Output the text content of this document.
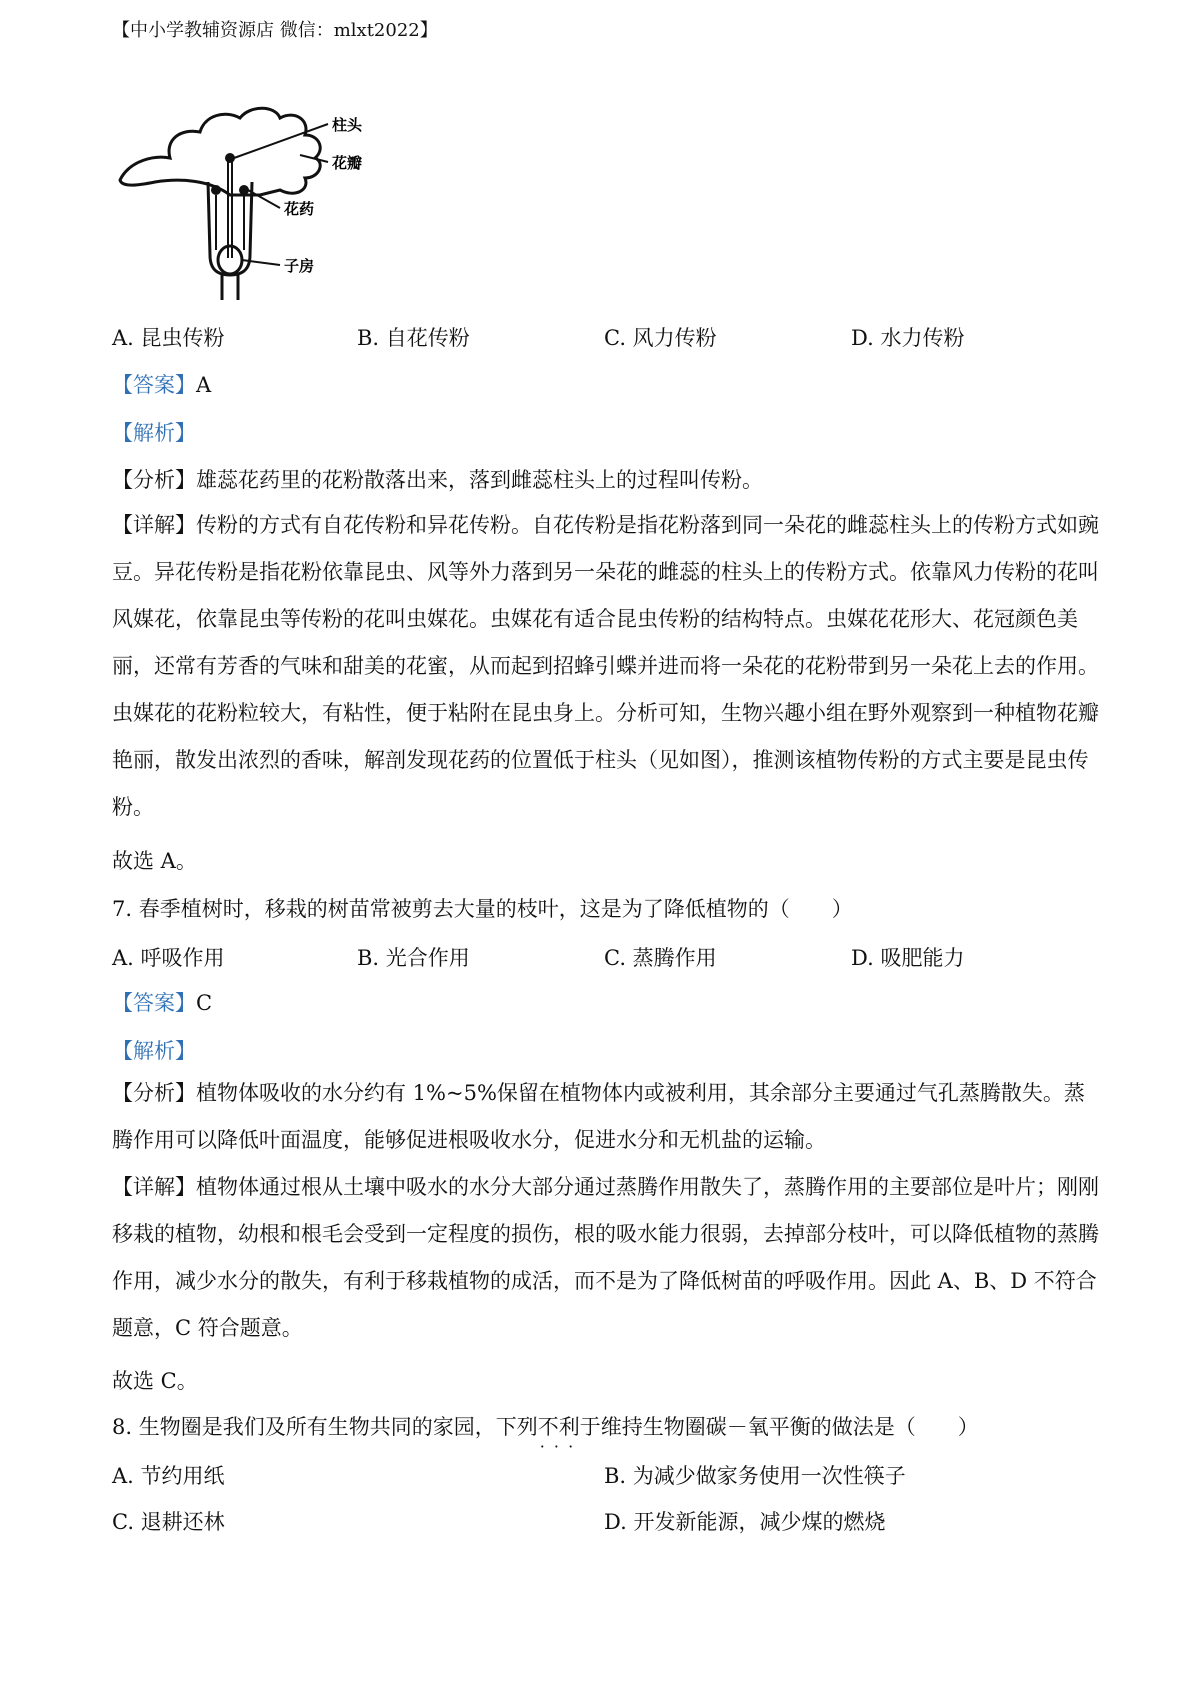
【中小学教辅资源店 微信：mlxt2022】
柱头
花瓣
花药
子房
A. 昆虫传粉	B. 自花传粉	C. 风力传粉	D. 水力传粉
【答案】A
【解析】
【分析】雄蕊花药里的花粉散落出来，落到雌蕊柱头上的过程叫传粉。
【详解】传粉的方式有自花传粉和异花传粉。自花传粉是指花粉落到同一朵花的雌蕊柱头上的传粉方式如豌豆。异花传粉是指花粉依靠昆虫、风等外力落到另一朵花的雌蕊的柱头上的传粉方式。依靠风力传粉的花叫风媒花，依靠昆虫等传粉的花叫虫媒花。虫媒花有适合昆虫传粉的结构特点。虫媒花花形大、花冠颜色美丽，还常有芳香的气味和甜美的花蜜，从而起到招蜂引蝶并进而将一朵花的花粉带到另一朵花上去的作用。虫媒花的花粉粒较大，有粘性，便于粘附在昆虫身上。分析可知，生物兴趣小组在野外观察到一种植物花瓣艳丽，散发出浓烈的香味，解剖发现花药的位置低于柱头（见如图），推测该植物传粉的方式主要是昆虫传粉。
故选 A。
7. 春季植树时，移栽的树苗常被剪去大量的枝叶，这是为了降低植物的（　　）
A. 呼吸作用	B. 光合作用	C. 蒸腾作用	D. 吸肥能力
【答案】C
【解析】
【分析】植物体吸收的水分约有 1%~5%保留在植物体内或被利用，其余部分主要通过气孔蒸腾散失。蒸腾作用可以降低叶面温度，能够促进根吸收水分，促进水分和无机盐的运输。
【详解】植物体通过根从土壤中吸水的水分大部分通过蒸腾作用散失了，蒸腾作用的主要部位是叶片；刚刚移栽的植物，幼根和根毛会受到一定程度的损伤，根的吸水能力很弱，去掉部分枝叶，可以降低植物的蒸腾作用，减少水分的散失，有利于移栽植物的成活，而不是为了降低树苗的呼吸作用。因此 A、B、D 不符合题意，C 符合题意。
故选 C。
8. 生物圈是我们及所有生物共同的家园，下列不利于 · · ·维持生物圈碳－氧平衡的做法是（　　）
A. 节约用纸	B. 为减少做家务使用一次性筷子
C. 退耕还林	D. 开发新能源，减少煤的燃烧
